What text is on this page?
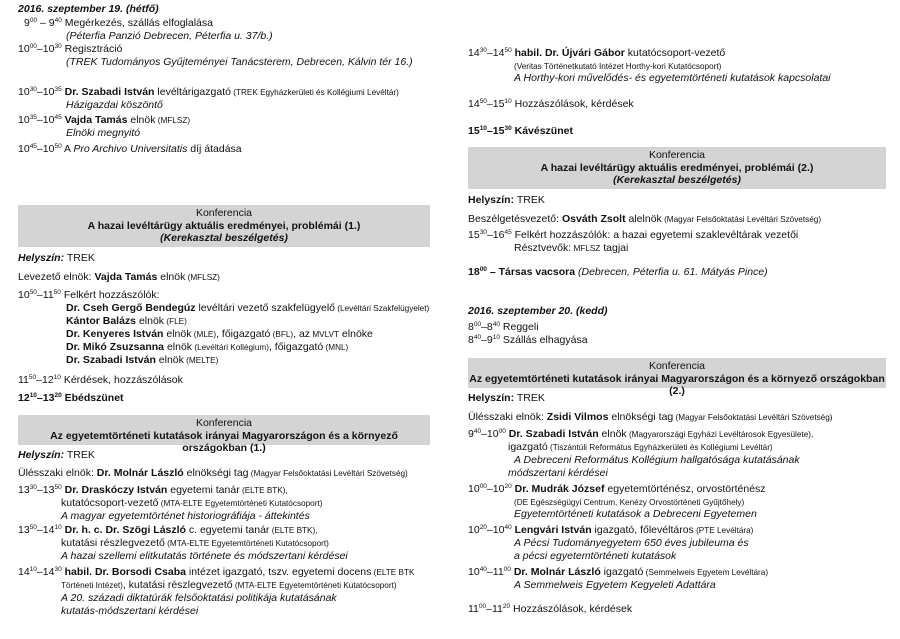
2016. szeptember 19. (hétfő)
$9^{00} - 9^{40}$ Megérkezés, szállás elfoglalása
(Péterfia Panzió Debrecen, Péterfia u. 37/b.)
$10^{00}-10^{30}$ Regisztráció
(TREK Tudományos Gyűjteményei Tanácsterem, Debrecen, Kálvin tér 16.)
$10^{30}-10^{35}$ Dr. Szabadi István levéltárigazgató (TREK Egyházkerületi és Kollégiumi Levéltár)
Házigazdai köszöntő
$10^{35}-10^{45}$ Vajda Tamás elnök (MFLSZ)
Elnöki megnyitó
$10^{45}-10^{50}$ A Pro Archivo Universitatis díj átadása
Konferencia
A hazai levéltárügy aktuális eredményei, problémái (1.)
(Kerekasztal beszélgetés)
Helyszín: TREK
Levezető elnök: Vajda Tamás elnök (MFLSZ)
$10^{50}-11^{50}$ Felkért hozzászólók:
Dr. Cseh Gergő Bendegúz levéltári vezető szakfelügyelő (Levéltári Szakfelügyelet)
Kántor Balázs elnök (FLE)
Dr. Kenyeres István elnök (MLE), főigazgató (BFL), az MVLVT elnöke
Dr. Mikó Zsuzsanna elnök (Levéltári Kollégium), főigazgató (MNL)
Dr. Szabadi István elnök (MELTE)
$11^{50}-12^{10}$ Kérdések, hozzászólások
$12^{10}-13^{20}$ Ebédszünet
Konferencia
Az egyetemtörténeti kutatások irányai Magyarországon és a környező országokban (1.)
Helyszín: TREK
Ülésszaki elnök: Dr. Molnár László elnökségi tag (Magyar Felsőoktatási Levéltári Szövetség)
$13^{30}-13^{50}$ Dr. Draskóczy István egyetemi tanár (ELTE BTK),
kutatócsoport-vezető (MTA-ELTE Egyetemtörténeti Kutatócsoport)
A magyar egyetemtörténet historiográfiája - áttekintés
$13^{50}-14^{10}$ Dr. h. c. Dr. Szögi László c. egyetemi tanár (ELTE BTK),
kutatási részlegvezető (MTA-ELTE Egyetemtörténeti Kutatócsoport)
A hazai szellemi elitkutatás története és módszertani kérdései
$14^{10}-14^{30}$ habil. Dr. Borsodi Csaba intézet igazgató, tszv. egyetemi docens (ELTE BTK
Történeti Intézet), kutatási részlegvezető (MTA-ELTE Egyetemtörténeti Kutatócsoport)
A 20. századi diktatúrák felsőoktatási politikája kutatásának
kutatás-módszertani kérdései
$14^{30}-14^{50}$ habil. Dr. Újvári Gábor kutatócsoport-vezető
(Veritas Történetkutató Intézet Horthy-kori Kutatócsoport)
A Horthy-kori művelődés- és egyetemtörténeti kutatások kapcsolatai
$14^{50}-15^{10}$ Hozzászólások, kérdések
$15^{10}-15^{30}$ Kávészünet
Konferencia
A hazai levéltárügy aktuális eredményei, problémái (2.)
(Kerekasztal beszélgetés)
Helyszín: TREK
Beszélgetésvezető: Osváth Zsolt alelnök (Magyar Felsőoktatási Levéltári Szövetség)
$15^{30}-16^{45}$ Felkért hozzászólók: a hazai egyetemi szaklevéltárak vezetői
Résztvevők: MFLSZ tagjai
$18^{00}$ – Társas vacsora (Debrecen, Péterfia u. 61. Mátyás Pince)
2016. szeptember 20. (kedd)
$8^{00}-8^{40}$ Reggeli
$8^{40}-9^{10}$ Szállás elhagyása
Konferencia
Az egyetemtörténeti kutatások irányai Magyarországon és a környező országokban (2.)
Helyszín: TREK
Ülésszaki elnök: Zsidi Vilmos elnökségi tag (Magyar Felsőoktatási Levéltári Szövetség)
$9^{40}-10^{00}$ Dr. Szabadi István elnök (Magyarországi Egyházi Levéltárosok Egyesülete),
igazgató (Tiszántúli Református Egyházkerületi és Kollégiumi Levéltár)
A Debreceni Református Kollégium hallgatósága kutatásának
módszertani kérdései
$10^{00}-10^{20}$ Dr. Mudrák József egyetemtörténész, orvostörténész
(DE Egészségügyi Centrum, Kenézy Orvostörténeti Gyűjtőhely)
Egyetemtörténeti kutatások a Debreceni Egyetemen
$10^{20}-10^{40}$ Lengvári István igazgató, főlevéltáros (PTE Levéltára)
A Pécsi Tudományegyetem 650 éves jubileuma és
a pécsi egyetemtörténeti kutatások
$10^{40}-11^{00}$ Dr. Molnár László igazgató (Semmelweis Egyetem Levéltára)
A Semmelweis Egyetem Kegyeleti Adattára
$11^{00}-11^{20}$ Hozzászólások, kérdések
